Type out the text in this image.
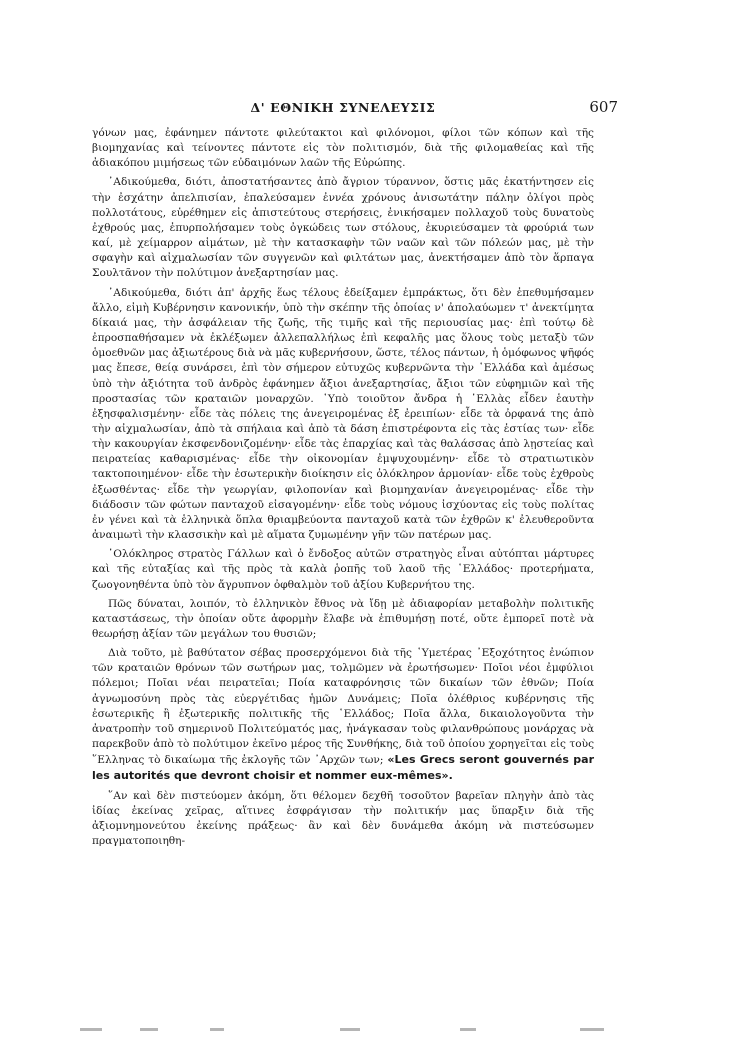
Δ' ΕΘΝΙΚΗ ΣΥΝΕΛΕΥΣΙΣ	607

γόνων μας, ἐφάνημεν πάντοτε φιλεύτακτοι καὶ φιλόνομοι, φίλοι τῶν κόπων καὶ τῆς βιομηχανίας καὶ τείνοντες πάντοτε εἰς τὸν πολιτισμόν, διὰ τῆς φιλομαθείας καὶ τῆς ἀδιακόπου μιμήσεως τῶν εὐδαιμόνων λαῶν τῆς Εὐρώπης.

᾿Αδικούμεθα, διότι, ἀποστατήσαντες ἀπὸ ἄγριον τύραννον, ὅστις μᾶς ἐκατήντησεν εἰς τὴν ἐσχάτην ἀπελπισίαν, ἐπαλεύσαμεν ἐννέα χρόνους ἀνισωτάτην πάλην ὀλίγοι πρὸς πολλοτάτους, εὑρέθημεν εἰς ἀπιστεύτους στερήσεις, ἐνικήσαμεν πολλαχοῦ τοὺς δυνατοὺς ἐχθρούς μας, ἐπυρπολήσαμεν τοὺς ὀγκώδεις των στόλους, ἐκυριεύσαμεν τὰ φρούριά των καί, μὲ χείμαρρον αἱμάτων, μὲ τὴν κατασκαφὴν τῶν ναῶν καὶ τῶν πόλεών μας, μὲ τὴν σφαγὴν καὶ αἰχμαλωσίαν τῶν συγγενῶν καὶ φιλτάτων μας, ἀνεκτήσαμεν ἀπὸ τὸν ἅρπαγα Σουλτᾶνον τὴν πολύτιμον ἀνεξαρτησίαν μας.

᾿Αδικούμεθα, διότι ἀπ' ἀρχῆς ἕως τέλους ἐδείξαμεν ἐμπράκτως, ὅτι δὲν ἐπεθυμήσαμεν ἄλλο, εἰμὴ Κυβέρνησιν κανονικήν, ὑπὸ τὴν σκέπην τῆς ὁποίας ν' ἀπολαύωμεν τ' ἀνεκτίμητα δίκαιά μας, τὴν ἀσφάλειαν τῆς ζωῆς, τῆς τιμῆς καὶ τῆς περιουσίας μας· ἐπὶ τούτῳ δὲ ἐπροσπαθήσαμεν νὰ ἐκλέξωμεν ἀλλεπαλλήλως ἐπὶ κεφαλῆς μας ὅλους τοὺς μεταξὺ τῶν ὁμοεθνῶν μας ἀξιωτέρους διὰ νὰ μᾶς κυβερνήσουν, ὥστε, τέλος πάντων, ἡ ὁμόφωνος ψῆφός μας ἔπεσε, θείᾳ συνάρσει, ἐπὶ τὸν σήμερον εὐτυχῶς κυβερνῶντα τὴν ῾Ελλάδα καὶ ἀμέσως ὑπὸ τὴν ἀξιότητα τοῦ ἀνδρὸς ἐφάνημεν ἄξιοι ἀνεξαρτησίας, ἄξιοι τῶν εὐφημιῶν καὶ τῆς προστασίας τῶν κραταιῶν μοναρχῶν. ῾Υπὸ τοιοῦτον ἄνδρα ἡ ῾Ελλὰς εἶδεν ἑαυτὴν ἐξησφαλισμένην· εἶδε τὰς πόλεις της ἀνεγειρομένας ἐξ ἐρειπίων· εἶδε τὰ ὀρφανά της ἀπὸ τὴν αἰχμαλωσίαν, ἀπὸ τὰ σπήλαια καὶ ἀπὸ τὰ δάση ἐπιστρέφοντα εἰς τὰς ἑστίας των· εἶδε τὴν κακουργίαν ἐκσφενδονιζομένην· εἶδε τὰς ἐπαρχίας καὶ τὰς θαλάσσας ἀπὸ λῃστείας καὶ πειρατείας καθαρισμένας· εἶδε τὴν οἰκονομίαν ἐμψυχουμένην· εἶδε τὸ στρατιωτικὸν τακτοποιημένον· εἶδε τὴν ἐσωτερικὴν διοίκησιν εἰς ὁλόκληρον ἁρμονίαν· εἶδε τοὺς ἐχθροὺς ἐξωσθέντας· εἶδε τὴν γεωργίαν, φιλοπονίαν καὶ βιομηχανίαν ἀνεγειρομένας· εἶδε τὴν διάδοσιν τῶν φώτων πανταχοῦ εἰσαγομένην· εἶδε τοὺς νόμους ἰσχύοντας εἰς τοὺς πολίτας ἐν γένει καὶ τὰ ἑλληνικὰ ὅπλα θριαμβεύοντα πανταχοῦ κατὰ τῶν ἐχθρῶν κ' ἐλευθεροῦντα ἀναιμωτὶ τὴν κλασσικὴν καὶ μὲ αἵματα ζυμωμένην γῆν τῶν πατέρων μας.

῾Ολόκληρος στρατὸς Γάλλων καὶ ὁ ἔνδοξος αὐτῶν στρατηγὸς εἶναι αὐτόπται μάρτυρες καὶ τῆς εὐταξίας καὶ τῆς πρὸς τὰ καλὰ ῥοπῆς τοῦ λαοῦ τῆς ῾Ελλάδος· προτερήματα, ζωογονηθέντα ὑπὸ τὸν ἄγρυπνον ὀφθαλμὸν τοῦ ἀξίου Κυβερνήτου της.

Πῶς δύναται, λοιπόν, τὸ ἑλληνικὸν ἔθνος νὰ ἴδῃ μὲ ἀδιαφορίαν μεταβολὴν πολιτικῆς καταστάσεως, τὴν ὁποίαν οὔτε ἀφορμὴν ἔλαβε νὰ ἐπιθυμήσῃ ποτέ, οὔτε ἐμπορεῖ ποτὲ νὰ θεωρήσῃ ἀξίαν τῶν μεγάλων του θυσιῶν;

Διὰ τοῦτο, μὲ βαθύτατον σέβας προσερχόμενοι διὰ τῆς ῾Υμετέρας ᾿Εξοχότητος ἐνώπιον τῶν κραταιῶν θρόνων τῶν σωτήρων μας, τολμῶμεν νὰ ἐρωτήσωμεν· Ποῖοι νέοι ἐμφύλιοι πόλεμοι; Ποῖαι νέαι πειρατεῖαι; Ποία καταφρόνησις τῶν δικαίων τῶν ἐθνῶν; Ποία ἀγνωμοσύνη πρὸς τὰς εὐεργέτιδας ἡμῶν Δυνάμεις; Ποῖα ὀλέθριος κυβέρνησις τῆς ἐσωτερικῆς ἢ ἐξωτερικῆς πολιτικῆς τῆς ῾Ελλάδος; Ποῖα ἄλλα, δικαιολογοῦντα τὴν ἀνατροπὴν τοῦ σημερινοῦ Πολιτεύματός μας, ἠνάγκασαν τοὺς φιλανθρώπους μονάρχας νὰ παρεκβοῦν ἀπὸ τὸ πολύτιμον ἐκεῖνο μέρος τῆς Συνθήκης, διὰ τοῦ ὁποίου χορηγεῖται εἰς τοὺς ῞Ελληνας τὸ δικαίωμα τῆς ἐκλογῆς τῶν ᾿Αρχῶν των; «Les Grecs seront gouvernés par les autorités que devront choisir et nommer eux-mêmes».

῞Αν καὶ δὲν πιστεύομεν ἀκόμη, ὅτι θέλομεν δεχθῆ τοσοῦτον βαρεῖαν πληγὴν ἀπὸ τὰς ἰδίας ἐκείνας χεῖρας, αἵτινες ἐσφράγισαν τὴν πολιτικήν μας ὕπαρξιν διὰ τῆς ἀξιομνημονεύτου ἐκείνης πράξεως· ἂν καὶ δὲν δυνάμεθα ἀκόμη νὰ πιστεύσωμεν πραγματοποιηθη-
